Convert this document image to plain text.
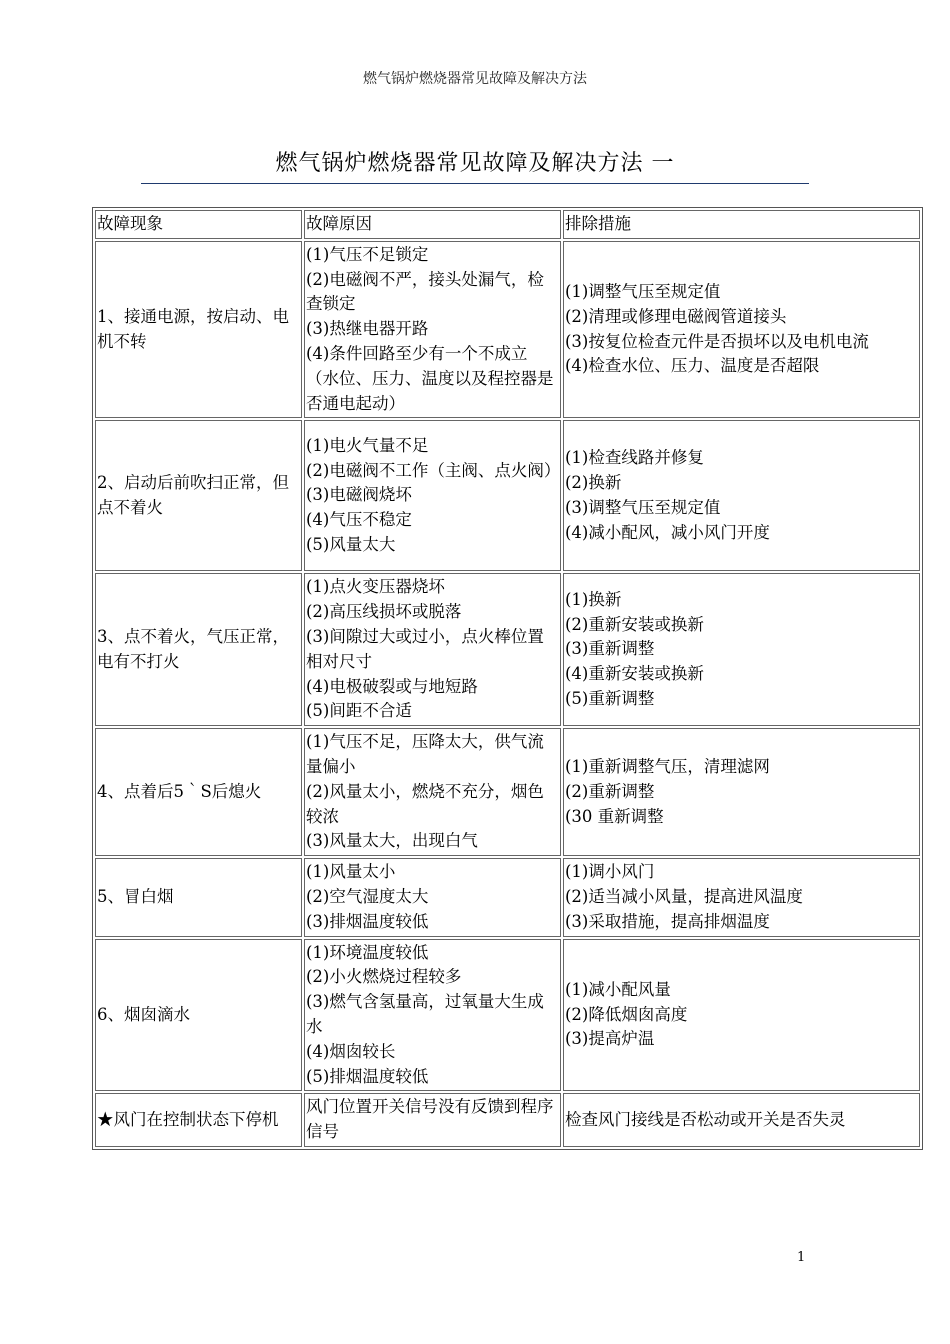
燃气锅炉燃烧器常见故障及解决方法
燃气锅炉燃烧器常见故障及解决方法 一
故障现象	故障原因	排除措施
1、接通电源，按启动、电机不转	(1)气压不足锁定
(2)电磁阀不严，接头处漏气，检查锁定
(3)热继电器开路
(4)条件回路至少有一个不成立（水位、压力、温度以及程控器是否通电起动）	(1)调整气压至规定值
(2)清理或修理电磁阀管道接头
(3)按复位检查元件是否损坏以及电机电流
(4)检查水位、压力、温度是否超限

2、启动后前吹扫正常，但点不着火	(1)电火气量不足
(2)电磁阀不工作（主阀、点火阀）
(3)电磁阀烧坏
(4)气压不稳定
(5)风量太大	(1)检查线路并修复
(2)换新
(3)调整气压至规定值
(4)减小配风，减小风门开度

3、点不着火，气压正常，电有不打火	(1)点火变压器烧坏
(2)高压线损坏或脱落
(3)间隙过大或过小，点火棒位置相对尺寸
(4)电极破裂或与地短路
(5)间距不合适	(1)换新
(2)重新安装或换新
(3)重新调整
(4)重新安装或换新
(5)重新调整

4、点着后5｀S后熄火	(1)气压不足，压降太大，供气流量偏小
(2)风量太小，燃烧不充分，烟色较浓
(3)风量太大，出现白气	(1)重新调整气压，清理滤网
(2)重新调整
(30 重新调整

5、冒白烟	(1)风量太小
(2)空气湿度太大
(3)排烟温度较低	(1)调小风门
(2)适当减小风量，提高进风温度
(3)采取措施，提高排烟温度

6、烟囱滴水	(1)环境温度较低
(2)小火燃烧过程较多
(3)燃气含氢量高，过氧量大生成水
(4)烟囱较长
(5)排烟温度较低	(1)减小配风量
(2)降低烟囱高度
(3)提高炉温

★风门在控制状态下停机	风门位置开关信号没有反馈到程序信号	检查风门接线是否松动或开关是否失灵
1
